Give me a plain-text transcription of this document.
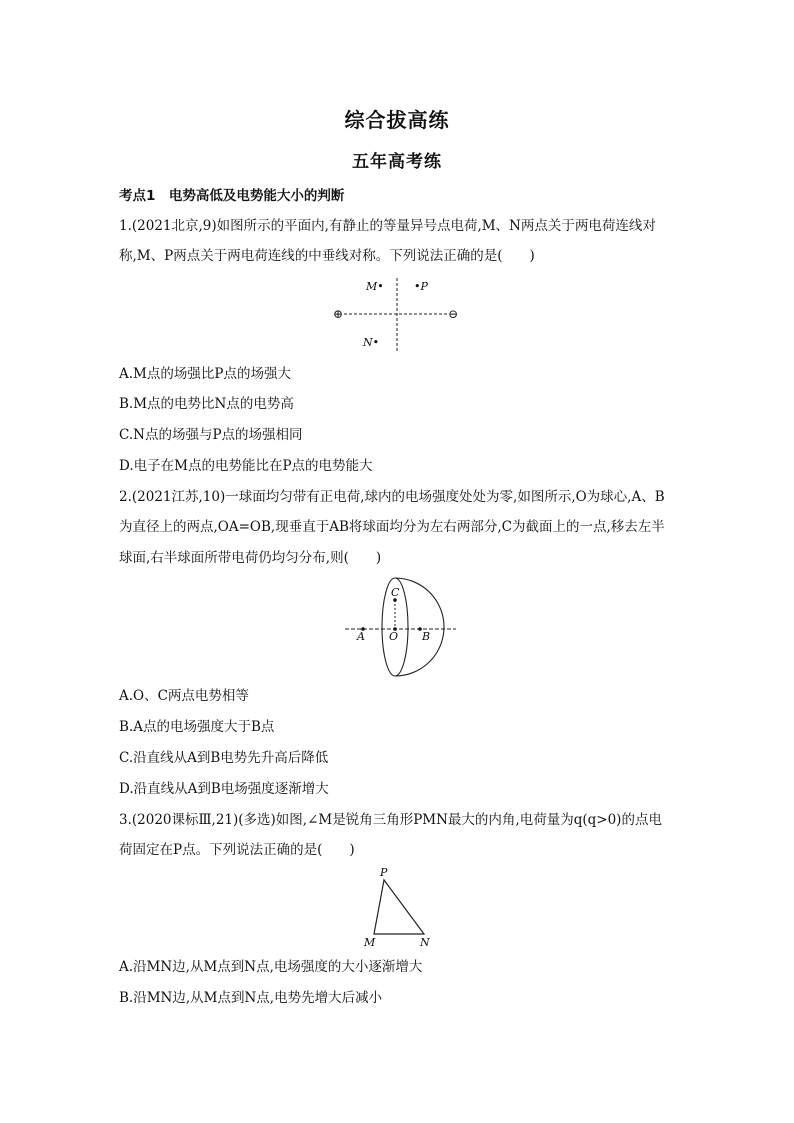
综合拔高练
五年高考练
考点1　电势高低及电势能大小的判断
1.(2021北京,9)如图所示的平面内,有静止的等量异号点电荷,M、N两点关于两电荷连线对
称,M、P两点关于两电荷连线的中垂线对称。下列说法正确的是(　　)
M•	•P
N•
⊕	⊖
A.M点的场强比P点的场强大
B.M点的电势比N点的电势高
C.N点的场强与P点的场强相同
D.电子在M点的电势能比在P点的电势能大
2.(2021江苏,10)一球面均匀带有正电荷,球内的电场强度处处为零,如图所示,O为球心,A、B
为直径上的两点,OA=OB,现垂直于AB将球面均分为左右两部分,C为截面上的一点,移去左半
球面,右半球面所带电荷仍均匀分布,则(　　)
A O B
C
A.O、C两点电势相等
B.A点的电场强度大于B点
C.沿直线从A到B电势先升高后降低
D.沿直线从A到B电场强度逐渐增大
3.(2020课标Ⅲ,21)(多选)如图,∠M是锐角三角形PMN最大的内角,电荷量为q(q>0)的点电
荷固定在P点。下列说法正确的是(　　)
P
M	N
A.沿MN边,从M点到N点,电场强度的大小逐渐增大
B.沿MN边,从M点到N点,电势先增大后减小
